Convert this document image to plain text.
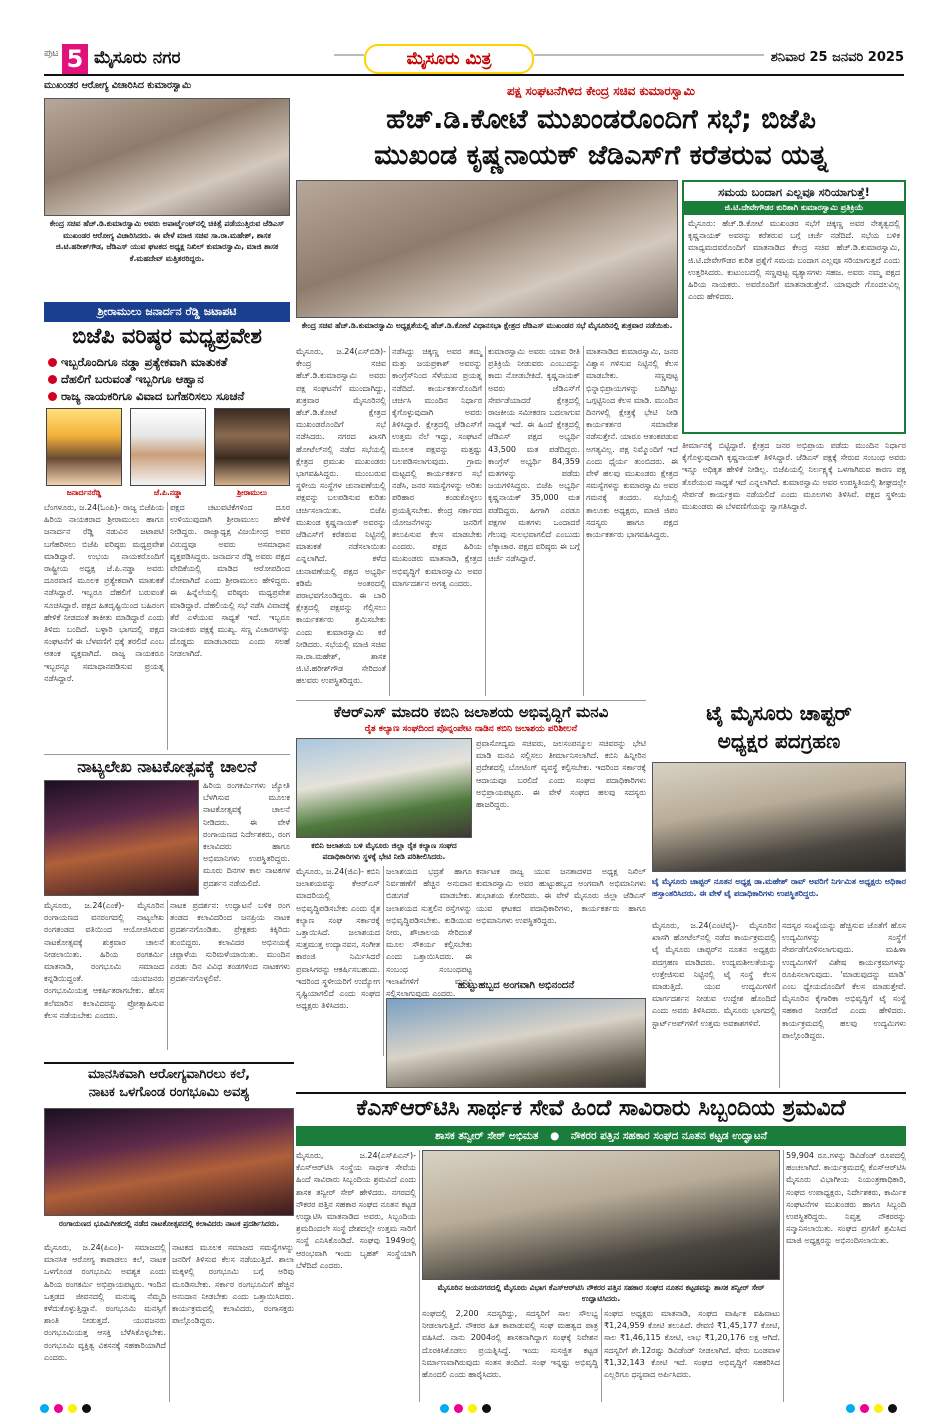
ಪುಟ 5 ಮೈಸೂರು ನಗರ	ಮೈಸೂರು ಮಿತ್ರ	ಶನಿವಾರ 25 ಜನವರಿ 2025
ಮುಖಂಡರ ಆರೋಗ್ಯ ವಿಚಾರಿಸಿದ ಕುಮಾರಸ್ವಾಮಿ
ಕೇಂದ್ರ ಸಚಿವ ಹೆಚ್.ಡಿ.ಕುಮಾರಸ್ವಾಮಿ ಅವರು ಅಪಾರ್ಟ್ಮೆಂಟ್‌ನಲ್ಲಿ ಚಿಕಿತ್ಸೆ ಪಡೆಯುತ್ತಿರುವ ಜೆಡಿಎಸ್ ಮುಖಂಡರ ಆರೋಗ್ಯ ವಿಚಾರಿಸಿದರು. ಈ ವೇಳೆ ಮಾಜಿ ಸಚಿವ ಸಾ.ರಾ.ಮಹೇಶ್, ಶಾಸಕ ಜಿ.ಟಿ.ಹರೀಶ್‌ಗೌಡ, ಜೆಡಿಎಸ್ ಯುವ ಘಟಕದ ಅಧ್ಯಕ್ಷ ನಿಖಿಲ್ ಕುಮಾರಸ್ವಾಮಿ, ಮಾಜಿ ಶಾಸಕ ಕೆ.ಮಹದೇವ್ ಮತ್ತಿತರರಿದ್ದರು.
ಪಕ್ಷ ಸಂಘಟನೆಗಿಳಿದ ಕೇಂದ್ರ ಸಚಿವ ಕುಮಾರಸ್ವಾಮಿ
ಹೆಚ್.ಡಿ.ಕೋಟೆ ಮುಖಂಡರೊಂದಿಗೆ ಸಭೆ; ಬಿಜೆಪಿ
ಮುಖಂಡ ಕೃಷ್ಣನಾಯಕ್ ಜೆಡಿಎಸ್‌ಗೆ ಕರೆತರುವ ಯತ್ನ
ಕೇಂದ್ರ ಸಚಿವ ಹೆಚ್.ಡಿ.ಕುಮಾರಸ್ವಾಮಿ ಅಧ್ಯಕ್ಷತೆಯಲ್ಲಿ ಹೆಚ್.ಡಿ.ಕೋಟೆ ವಿಧಾನಸಭಾ ಕ್ಷೇತ್ರದ ಜೆಡಿಎಸ್ ಮುಖಂಡರ ಸಭೆ ಮೈಸೂರಿನಲ್ಲಿ ಶುಕ್ರವಾರ ನಡೆಯಿತು.
ಸಮಯ ಬಂದಾಗ ಎಲ್ಲವೂ ಸರಿಯಾಗುತ್ತೆ!
ಜಿ.ಟಿ.ದೇವೇಗೌಡರ ಕುರಿತಾಗಿ ಕುಮಾರಸ್ವಾಮಿ ಪ್ರತಿಕ್ರಿಯೆ
ಮೈಸೂರು: ಹೆಚ್.ಡಿ.ಕೋಟೆ ಮುಖಂಡರ ಸಭೆಗೆ ಚಿಕ್ಕಣ್ಣ ಅವರ ನೇತೃತ್ವದಲ್ಲಿ ಕೃಷ್ಣನಾಯಕ್ ಅವರನ್ನು ಕರೆತರುವ ಬಗ್ಗೆ ಚರ್ಚೆ ನಡೆದಿದೆ. ಸಭೆಯ ಬಳಿಕ ಮಾಧ್ಯಮದವರೊಂದಿಗೆ ಮಾತನಾಡಿದ ಕೇಂದ್ರ ಸಚಿವ ಹೆಚ್.ಡಿ.ಕುಮಾರಸ್ವಾಮಿ, ಜಿ.ಟಿ.ದೇವೇಗೌಡರ ಕುರಿತ ಪ್ರಶ್ನೆಗೆ ಸಮಯ ಬಂದಾಗ ಎಲ್ಲವೂ ಸರಿಯಾಗುತ್ತದೆ ಎಂದು ಉತ್ತರಿಸಿದರು. ಕುಟುಂಬದಲ್ಲಿ ಸಣ್ಣಪುಟ್ಟ ವ್ಯತ್ಯಾಸಗಳು ಸಹಜ. ಅವರು ನಮ್ಮ ಪಕ್ಷದ ಹಿರಿಯ ನಾಯಕರು. ಅವರೊಂದಿಗೆ ಮಾತನಾಡುತ್ತೇನೆ. ಯಾವುದೇ ಗೊಂದಲವಿಲ್ಲ ಎಂದು ಹೇಳಿದರು.
ಮೈಸೂರು, ಜ.24(ಎಸ್‌ಬಿಡಿ)- ಕೇಂದ್ರ ಸಚಿವ ಹೆಚ್.ಡಿ.ಕುಮಾರಸ್ವಾಮಿ ಅವರು ಪಕ್ಷ ಸಂಘಟನೆಗೆ ಮುಂದಾಗಿದ್ದು, ಶುಕ್ರವಾರ ಮೈಸೂರಿನಲ್ಲಿ ಹೆಚ್.ಡಿ.ಕೋಟೆ ಕ್ಷೇತ್ರದ ಮುಖಂಡರೊಂದಿಗೆ ಸಭೆ ನಡೆಸಿದರು. ನಗರದ ಖಾಸಗಿ ಹೋಟೆಲ್‌ನಲ್ಲಿ ನಡೆದ ಸಭೆಯಲ್ಲಿ ಕ್ಷೇತ್ರದ ಪ್ರಮುಖ ಮುಖಂಡರು ಭಾಗವಹಿಸಿದ್ದರು. ಮುಂಬರುವ ಸ್ಥಳೀಯ ಸಂಸ್ಥೆಗಳ ಚುನಾವಣೆಯಲ್ಲಿ ಪಕ್ಷವನ್ನು ಬಲಪಡಿಸುವ ಕುರಿತು ಚರ್ಚಿಸಲಾಯಿತು. ಬಿಜೆಪಿ ಮುಖಂಡ ಕೃಷ್ಣನಾಯಕ್ ಅವರನ್ನು ಜೆಡಿಎಸ್‌ಗೆ ಕರೆತರುವ ನಿಟ್ಟಿನಲ್ಲಿ ಮಾತುಕತೆ ನಡೆಸಲಾಯಿತು ಎನ್ನಲಾಗಿದೆ. ಕಳೆದ ಚುನಾವಣೆಯಲ್ಲಿ ಪಕ್ಷದ ಅಭ್ಯರ್ಥಿ ಕಡಿಮೆ ಅಂತರದಲ್ಲಿ ಪರಾಭವಗೊಂಡಿದ್ದರು. ಈ ಬಾರಿ ಕ್ಷೇತ್ರದಲ್ಲಿ ಪಕ್ಷವನ್ನು ಗೆಲ್ಲಿಸಲು ಕಾರ್ಯಕರ್ತರು ಶ್ರಮಿಸಬೇಕು ಎಂದು ಕುಮಾರಸ್ವಾಮಿ ಕರೆ ನೀಡಿದರು. ಸಭೆಯಲ್ಲಿ ಮಾಜಿ ಸಚಿವ ಸಾ.ರಾ.ಮಹೇಶ್, ಶಾಸಕ ಜಿ.ಟಿ.ಹರೀಶ್‌ಗೌಡ ಸೇರಿದಂತೆ ಹಲವರು ಉಪಸ್ಥಿತರಿದ್ದರು.
ನಡೆಸಿದ್ದು ಚಿಕ್ಕಣ್ಣ ಅವರ ತಮ್ಮ ಮತ್ತು ಜಯಪ್ರಕಾಶ್ ಅವರನ್ನು ಕಾಂಗ್ರೆಸ್‌ನಿಂದ ಸೆಳೆಯುವ ಪ್ರಯತ್ನ ನಡೆದಿದೆ. ಕಾರ್ಯಕರ್ತರೊಂದಿಗೆ ಚರ್ಚಿಸಿ ಮುಂದಿನ ನಿರ್ಧಾರ ಕೈಗೊಳ್ಳುವುದಾಗಿ ಅವರು ತಿಳಿಸಿದ್ದಾರೆ. ಕ್ಷೇತ್ರದಲ್ಲಿ ಜೆಡಿಎಸ್‌ಗೆ ಉತ್ತಮ ನೆಲೆ ಇದ್ದು, ಸಂಘಟನೆ ಮೂಲಕ ಪಕ್ಷವನ್ನು ಮತ್ತಷ್ಟು ಬಲಪಡಿಸಲಾಗುವುದು. ಗ್ರಾಮ ಮಟ್ಟದಲ್ಲಿ ಕಾರ್ಯಕರ್ತರ ಸಭೆ ನಡೆಸಿ, ಜನರ ಸಮಸ್ಯೆಗಳನ್ನು ಅರಿತು ಪರಿಹಾರ ಕಂಡುಕೊಳ್ಳಲು ಪ್ರಯತ್ನಿಸಬೇಕು. ಕೇಂದ್ರ ಸರ್ಕಾರದ ಯೋಜನೆಗಳನ್ನು ಜನರಿಗೆ ತಲುಪಿಸುವ ಕೆಲಸ ಮಾಡಬೇಕು ಎಂದರು. ಪಕ್ಷದ ಹಿರಿಯ ಮುಖಂಡರು ಮಾತನಾಡಿ, ಕ್ಷೇತ್ರದ ಅಭಿವೃದ್ಧಿಗೆ ಕುಮಾರಸ್ವಾಮಿ ಅವರ ಮಾರ್ಗದರ್ಶನ ಅಗತ್ಯ ಎಂದರು.
ಕುಮಾರಸ್ವಾಮಿ ಅವರು ಯಾವ ರೀತಿ ಪ್ರತಿಕ್ರಿಯೆ ನೀಡುವರು ಎಂಬುದನ್ನು ಕಾದು ನೋಡಬೇಕಿದೆ. ಕೃಷ್ಣನಾಯಕ್ ಅವರು ಜೆಡಿಎಸ್‌ಗೆ ಸೇರ್ಪಡೆಯಾದರೆ ಕ್ಷೇತ್ರದಲ್ಲಿ ರಾಜಕೀಯ ಸಮೀಕರಣ ಬದಲಾಗುವ ಸಾಧ್ಯತೆ ಇದೆ. ಈ ಹಿಂದೆ ಕ್ಷೇತ್ರದಲ್ಲಿ ಜೆಡಿಎಸ್ ಪಕ್ಷದ ಅಭ್ಯರ್ಥಿ 43,500 ಮತ ಪಡೆದಿದ್ದರು. ಕಾಂಗ್ರೆಸ್ ಅಭ್ಯರ್ಥಿ 84,359 ಮತಗಳನ್ನು ಪಡೆದು ಜಯಗಳಿಸಿದ್ದರು. ಬಿಜೆಪಿ ಅಭ್ಯರ್ಥಿ ಕೃಷ್ಣನಾಯಕ್ 35,000 ಮತ ಪಡೆದಿದ್ದರು. ಹೀಗಾಗಿ ಎರಡೂ ಪಕ್ಷಗಳ ಮತಗಳು ಒಂದಾದರೆ ಗೆಲುವು ಸುಲಭವಾಗಲಿದೆ ಎಂಬುದು ಲೆಕ್ಕಾಚಾರ. ಪಕ್ಷದ ವರಿಷ್ಠರು ಈ ಬಗ್ಗೆ ಚರ್ಚೆ ನಡೆಸಿದ್ದಾರೆ.
ಮಾತನಾಡಿದ ಕುಮಾರಸ್ವಾಮಿ, ಜನರ ವಿಶ್ವಾಸ ಗಳಿಸುವ ನಿಟ್ಟಿನಲ್ಲಿ ಕೆಲಸ ಮಾಡಬೇಕು. ಸಣ್ಣಪುಟ್ಟ ಭಿನ್ನಾಭಿಪ್ರಾಯಗಳನ್ನು ಬದಿಗಿಟ್ಟು ಒಗ್ಗಟ್ಟಿನಿಂದ ಕೆಲಸ ಮಾಡಿ. ಮುಂದಿನ ದಿನಗಳಲ್ಲಿ ಕ್ಷೇತ್ರಕ್ಕೆ ಭೇಟಿ ನೀಡಿ ಕಾರ್ಯಕರ್ತರ ಸಮಾವೇಶ ನಡೆಸುತ್ತೇನೆ. ಯಾರೂ ಆತಂಕಪಡುವ ಅಗತ್ಯವಿಲ್ಲ. ಪಕ್ಷ ನಿಮ್ಮೊಂದಿಗೆ ಇದೆ ಎಂದು ಧೈರ್ಯ ತುಂಬಿದರು. ಈ ವೇಳೆ ಹಲವು ಮುಖಂಡರು ಕ್ಷೇತ್ರದ ಸಮಸ್ಯೆಗಳನ್ನು ಕುಮಾರಸ್ವಾಮಿ ಅವರ ಗಮನಕ್ಕೆ ತಂದರು. ಸಭೆಯಲ್ಲಿ ತಾಲೂಕು ಅಧ್ಯಕ್ಷರು, ಮಾಜಿ ಜಿಪಂ ಸದಸ್ಯರು ಹಾಗೂ ಪಕ್ಷದ ಕಾರ್ಯಕರ್ತರು ಭಾಗವಹಿಸಿದ್ದರು.
ತೀರ್ಮಾನಕ್ಕೆ ಬಿಟ್ಟಿದ್ದಾರೆ. ಕ್ಷೇತ್ರದ ಜನರ ಅಭಿಪ್ರಾಯ ಪಡೆದು ಮುಂದಿನ ನಿರ್ಧಾರ ಕೈಗೊಳ್ಳುವುದಾಗಿ ಕೃಷ್ಣನಾಯಕ್ ತಿಳಿಸಿದ್ದಾರೆ. ಜೆಡಿಎಸ್ ಪಕ್ಷಕ್ಕೆ ಸೇರುವ ಸಂಬಂಧ ಅವರು ಇನ್ನೂ ಅಧಿಕೃತ ಹೇಳಿಕೆ ನೀಡಿಲ್ಲ. ಬಿಜೆಪಿಯಲ್ಲಿ ನಿರ್ಲಕ್ಷ್ಯಕ್ಕೆ ಒಳಗಾಗಿರುವ ಕಾರಣ ಪಕ್ಷ ತೊರೆಯುವ ಸಾಧ್ಯತೆ ಇದೆ ಎನ್ನಲಾಗಿದೆ. ಕುಮಾರಸ್ವಾಮಿ ಅವರ ಉಪಸ್ಥಿತಿಯಲ್ಲಿ ಶೀಘ್ರದಲ್ಲೇ ಸೇರ್ಪಡೆ ಕಾರ್ಯಕ್ರಮ ನಡೆಯಲಿದೆ ಎಂದು ಮೂಲಗಳು ತಿಳಿಸಿವೆ. ಪಕ್ಷದ ಸ್ಥಳೀಯ ಮುಖಂಡರು ಈ ಬೆಳವಣಿಗೆಯನ್ನು ಸ್ವಾಗತಿಸಿದ್ದಾರೆ.
ಶ್ರೀರಾಮುಲು ಜನಾರ್ದನ ರೆಡ್ಡಿ ಜಟಾಪಟಿ
ಬಿಜೆಪಿ ವರಿಷ್ಠರ ಮಧ್ಯಪ್ರವೇಶ
ಇಬ್ಬರೊಂದಿಗೂ ನಡ್ಡಾ ಪ್ರತ್ಯೇಕವಾಗಿ ಮಾತುಕತೆ
ದೆಹಲಿಗೆ ಬರುವಂತೆ ಇಬ್ಬರಿಗೂ ಆಹ್ವಾನ
ರಾಜ್ಯ ನಾಯಕರಿಗೂ ವಿವಾದ ಬಗೆಹರಿಸಲು ಸೂಚನೆ
ಜನಾರ್ದನರೆಡ್ಡಿ	ಜೆ.ಪಿ.ನಡ್ಡಾ	ಶ್ರೀರಾಮುಲು
ಬೆಂಗಳೂರು, ಜ.24(ಓಂಪಿ)- ರಾಜ್ಯ ಬಿಜೆಪಿಯ ಹಿರಿಯ ನಾಯಕರಾದ ಶ್ರೀರಾಮುಲು ಹಾಗೂ ಜನಾರ್ದನ ರೆಡ್ಡಿ ನಡುವಿನ ಜಟಾಪಟಿ ಬಗೆಹರಿಸಲು ಬಿಜೆಪಿ ವರಿಷ್ಠರು ಮಧ್ಯಪ್ರವೇಶ ಮಾಡಿದ್ದಾರೆ. ಉಭಯ ನಾಯಕರೊಂದಿಗೆ ರಾಷ್ಟ್ರೀಯ ಅಧ್ಯಕ್ಷ ಜೆ.ಪಿ.ನಡ್ಡಾ ಅವರು ದೂರವಾಣಿ ಮೂಲಕ ಪ್ರತ್ಯೇಕವಾಗಿ ಮಾತುಕತೆ ನಡೆಸಿದ್ದಾರೆ. ಇಬ್ಬರೂ ದೆಹಲಿಗೆ ಬರುವಂತೆ ಸೂಚಿಸಿದ್ದಾರೆ. ಪಕ್ಷದ ಹಿತದೃಷ್ಟಿಯಿಂದ ಬಹಿರಂಗ ಹೇಳಿಕೆ ನೀಡದಂತೆ ತಾಕೀತು ಮಾಡಿದ್ದಾರೆ ಎಂದು ತಿಳಿದು ಬಂದಿದೆ. ಬಳ್ಳಾರಿ ಭಾಗದಲ್ಲಿ ಪಕ್ಷದ ಸಂಘಟನೆಗೆ ಈ ಬೆಳವಣಿಗೆ ಧಕ್ಕೆ ತರಲಿದೆ ಎಂಬ ಆತಂಕ ವ್ಯಕ್ತವಾಗಿದೆ. ರಾಜ್ಯ ನಾಯಕರೂ ಇಬ್ಬರನ್ನೂ ಸಮಾಧಾನಪಡಿಸುವ ಪ್ರಯತ್ನ ನಡೆಸಿದ್ದಾರೆ.
ಪಕ್ಷದ ಚಟುವಟಿಕೆಗಳಿಂದ ದೂರ ಉಳಿಯುವುದಾಗಿ ಶ್ರೀರಾಮುಲು ಹೇಳಿಕೆ ನೀಡಿದ್ದರು. ರಾಜ್ಯಾಧ್ಯಕ್ಷ ವಿಜಯೇಂದ್ರ ಅವರ ವಿರುದ್ಧವೂ ಅವರು ಅಸಮಾಧಾನ ವ್ಯಕ್ತಪಡಿಸಿದ್ದರು. ಜನಾರ್ದನ ರೆಡ್ಡಿ ಅವರು ಪಕ್ಷದ ವೇದಿಕೆಯಲ್ಲಿ ಮಾಡಿದ ಆರೋಪದಿಂದ ನೋವಾಗಿದೆ ಎಂದು ಶ್ರೀರಾಮುಲು ಹೇಳಿದ್ದರು. ಈ ಹಿನ್ನೆಲೆಯಲ್ಲಿ ವರಿಷ್ಠರು ಮಧ್ಯಪ್ರವೇಶ ಮಾಡಿದ್ದಾರೆ. ದೆಹಲಿಯಲ್ಲಿ ಸಭೆ ನಡೆಸಿ ವಿವಾದಕ್ಕೆ ತೆರೆ ಎಳೆಯುವ ಸಾಧ್ಯತೆ ಇದೆ. ಇಬ್ಬರೂ ನಾಯಕರು ಪಕ್ಷಕ್ಕೆ ಮುಖ್ಯ. ಸಣ್ಣ ವಿಚಾರಗಳನ್ನು ದೊಡ್ಡದು ಮಾಡಬಾರದು ಎಂದು ಸಲಹೆ ನೀಡಲಾಗಿದೆ.
ನಾಟ್ಯಲೇಖ ನಾಟಕೋತ್ಸವಕ್ಕೆ ಚಾಲನೆ
ಹಿರಿಯ ರಂಗಕರ್ಮಿಗಳು ಜ್ಯೋತಿ ಬೆಳಗಿಸುವ ಮೂಲಕ ನಾಟಕೋತ್ಸವಕ್ಕೆ ಚಾಲನೆ ನೀಡಿದರು. ಈ ವೇಳೆ ರಂಗಾಯಣದ ನಿರ್ದೇಶಕರು, ರಂಗ ಕಲಾವಿದರು ಹಾಗೂ ಅಭಿಮಾನಿಗಳು ಉಪಸ್ಥಿತರಿದ್ದರು. ಮೂರು ದಿನಗಳ ಕಾಲ ನಾಟಕಗಳ ಪ್ರದರ್ಶನ ನಡೆಯಲಿದೆ.
ಮೈಸೂರು, ಜ.24(ಎಂಕೆ)- ಮೈಸೂರಿನ ರಂಗಾಯಣದ ವನರಂಗದಲ್ಲಿ ನಾಟ್ಯಲೇಖ ರಂಗತಂಡದ ವತಿಯಿಂದ ಆಯೋಜಿಸಿರುವ ನಾಟಕೋತ್ಸವಕ್ಕೆ ಶುಕ್ರವಾರ ಚಾಲನೆ ನೀಡಲಾಯಿತು. ಹಿರಿಯ ರಂಗಕರ್ಮಿ ಮಾತನಾಡಿ, ರಂಗಭೂಮಿ ಸಮಾಜದ ಕನ್ನಡಿಯಿದ್ದಂತೆ. ಯುವಜನರು ರಂಗಭೂಮಿಯತ್ತ ಆಕರ್ಷಿತರಾಗಬೇಕು. ಹೊಸ ತಲೆಮಾರಿನ ಕಲಾವಿದರನ್ನು ಪ್ರೋತ್ಸಾಹಿಸುವ ಕೆಲಸ ನಡೆಯಬೇಕು ಎಂದರು.
ನಾಟಕ ಪ್ರದರ್ಶನ: ಉದ್ಘಾಟನೆ ಬಳಿಕ ರಂಗ ತಂಡದ ಕಲಾವಿದರಿಂದ ಜನಪ್ರಿಯ ನಾಟಕ ಪ್ರದರ್ಶನಗೊಂಡಿತು. ಪ್ರೇಕ್ಷಕರು ಕಿಕ್ಕಿರಿದು ತುಂಬಿದ್ದರು. ಕಲಾವಿದರ ಅಭಿನಯಕ್ಕೆ ಚಪ್ಪಾಳೆಯ ಸುರಿಮಳೆಯಾಯಿತು. ಮುಂದಿನ ಎರಡು ದಿನ ವಿವಿಧ ತಂಡಗಳಿಂದ ನಾಟಕಗಳು ಪ್ರದರ್ಶನಗೊಳ್ಳಲಿವೆ.
ಕೆಆರ್‌ಎಸ್ ಮಾದರಿ ಕಬಿನಿ ಜಲಾಶಯ ಅಭಿವೃದ್ಧಿಗೆ ಮನವಿ
ರೈತ ಕಲ್ಯಾಣ ಸಂಘದಿಂದ ಪೊನ್ನಂಪೇಟ ನಾಡಿನ ಕಬಿನಿ ಜಲಾಶಯ ಪರಿಶೀಲನೆ
ಕಬಿನಿ ಜಲಾಶಯ ಬಳಿ ಮೈಸೂರು ಜಿಲ್ಲಾ ರೈತ ಕಲ್ಯಾಣ ಸಂಘದ ಪದಾಧಿಕಾರಿಗಳು ಸ್ಥಳಕ್ಕೆ ಭೇಟಿ ನೀಡಿ ಪರಿಶೀಲಿಸಿದರು.
ಪ್ರವಾಸೋದ್ಯಮ ಸಚಿವರು, ಜಲಸಂಪನ್ಮೂಲ ಸಚಿವರನ್ನು ಭೇಟಿ ಮಾಡಿ ಮನವಿ ಸಲ್ಲಿಸಲು ತೀರ್ಮಾನಿಸಲಾಗಿದೆ. ಕಬಿನಿ ಹಿನ್ನೀರಿನ ಪ್ರದೇಶದಲ್ಲಿ ಬೋಟಿಂಗ್ ವ್ಯವಸ್ಥೆ ಕಲ್ಪಿಸಬೇಕು. ಇದರಿಂದ ಸರ್ಕಾರಕ್ಕೆ ಆದಾಯವೂ ಬರಲಿದೆ ಎಂದು ಸಂಘದ ಪದಾಧಿಕಾರಿಗಳು ಅಭಿಪ್ರಾಯಪಟ್ಟರು. ಈ ವೇಳೆ ಸಂಘದ ಹಲವು ಸದಸ್ಯರು ಹಾಜರಿದ್ದರು.
ಮೈಸೂರು, ಜ.24(ಜಿಎ)- ಕಬಿನಿ ಜಲಾಶಯವನ್ನು ಕೆಆರ್‌ಎಸ್ ಮಾದರಿಯಲ್ಲಿ ಅಭಿವೃದ್ಧಿಪಡಿಸಬೇಕು ಎಂದು ರೈತ ಕಲ್ಯಾಣ ಸಂಘ ಸರ್ಕಾರಕ್ಕೆ ಒತ್ತಾಯಿಸಿದೆ. ಜಲಾಶಯದ ಸುತ್ತಮುತ್ತ ಉದ್ಯಾನವನ, ಸಂಗೀತ ಕಾರಂಜಿ ನಿರ್ಮಿಸಿದರೆ ಪ್ರವಾಸಿಗರನ್ನು ಆಕರ್ಷಿಸಬಹುದು. ಇದರಿಂದ ಸ್ಥಳೀಯರಿಗೆ ಉದ್ಯೋಗ ಸೃಷ್ಟಿಯಾಗಲಿದೆ ಎಂದು ಸಂಘದ ಅಧ್ಯಕ್ಷರು ತಿಳಿಸಿದರು.
ಜಲಾಶಯದ ಭದ್ರತೆ ಹಾಗೂ ನಿರ್ವಹಣೆಗೆ ಹೆಚ್ಚಿನ ಅನುದಾನ ಬಿಡುಗಡೆ ಮಾಡಬೇಕು. ಜಲಾಶಯದ ಸುತ್ತಲಿನ ರಸ್ತೆಗಳನ್ನು ಅಭಿವೃದ್ಧಿಪಡಿಸಬೇಕು. ಕುಡಿಯುವ ನೀರು, ಶೌಚಾಲಯ ಸೇರಿದಂತೆ ಮೂಲ ಸೌಕರ್ಯ ಕಲ್ಪಿಸಬೇಕು ಎಂದು ಒತ್ತಾಯಿಸಿದರು. ಈ ಸಂಬಂಧ ಸಂಬಂಧಪಟ್ಟ ಇಲಾಖೆಗಳಿಗೆ ಮನವಿ ಸಲ್ಲಿಸಲಾಗುವುದು ಎಂದರು.
ಹುಟ್ಟುಹಬ್ಬದ ಅಂಗವಾಗಿ ಅಭಿನಂದನೆ
ಕರ್ನಾಟಕ ರಾಜ್ಯ ಯುವ ಜನತಾದಳದ ಅಧ್ಯಕ್ಷ ನಿಖಿಲ್ ಕುಮಾರಸ್ವಾಮಿ ಅವರ ಹುಟ್ಟುಹಬ್ಬದ ಅಂಗವಾಗಿ ಅಭಿಮಾನಿಗಳು ಶುಭಾಶಯ ಕೋರಿದರು. ಈ ವೇಳೆ ಮೈಸೂರು ಜಿಲ್ಲಾ ಜೆಡಿಎಸ್ ಯುವ ಘಟಕದ ಪದಾಧಿಕಾರಿಗಳು, ಕಾರ್ಯಕರ್ತರು ಹಾಗೂ ಅಭಿಮಾನಿಗಳು ಉಪಸ್ಥಿತರಿದ್ದರು.
ಟೈ ಮೈಸೂರು ಚಾಪ್ಟರ್
ಅಧ್ಯಕ್ಷರ ಪದಗ್ರಹಣ
ಟೈ ಮೈಸೂರು ಚಾಪ್ಟರ್ ನೂತನ ಅಧ್ಯಕ್ಷ ಡಾ.ಮಹೇಶ್ ರಾವ್ ಅವರಿಗೆ ನಿರ್ಗಮಿತ ಅಧ್ಯಕ್ಷರು ಅಧಿಕಾರ ಹಸ್ತಾಂತರಿಸಿದರು. ಈ ವೇಳೆ ಟೈ ಪದಾಧಿಕಾರಿಗಳು ಉಪಸ್ಥಿತರಿದ್ದರು.
ಮೈಸೂರು, ಜ.24(ಎಂಟಿವೈ)- ಮೈಸೂರಿನ ಖಾಸಗಿ ಹೋಟೆಲ್‌ನಲ್ಲಿ ನಡೆದ ಕಾರ್ಯಕ್ರಮದಲ್ಲಿ ಟೈ ಮೈಸೂರು ಚಾಪ್ಟರ್‌ನ ನೂತನ ಅಧ್ಯಕ್ಷರು ಪದಗ್ರಹಣ ಮಾಡಿದರು. ಉದ್ಯಮಶೀಲತೆಯನ್ನು ಉತ್ತೇಜಿಸುವ ನಿಟ್ಟಿನಲ್ಲಿ ಟೈ ಸಂಸ್ಥೆ ಕೆಲಸ ಮಾಡುತ್ತಿದೆ. ಯುವ ಉದ್ಯಮಿಗಳಿಗೆ ಮಾರ್ಗದರ್ಶನ ನೀಡುವ ಉದ್ದೇಶ ಹೊಂದಿದೆ ಎಂದು ಅವರು ತಿಳಿಸಿದರು. ಮೈಸೂರು ಭಾಗದಲ್ಲಿ ಸ್ಟಾರ್ಟ್‌ಅಪ್‌ಗಳಿಗೆ ಉತ್ತಮ ಅವಕಾಶಗಳಿವೆ.
ಸದಸ್ಯರ ಸಂಖ್ಯೆಯನ್ನು ಹೆಚ್ಚಿಸುವ ಜೊತೆಗೆ ಹೊಸ ಉದ್ಯಮಿಗಳನ್ನು ಸಂಸ್ಥೆಗೆ ಸೇರ್ಪಡೆಗೊಳಿಸಲಾಗುವುದು. ಮಹಿಳಾ ಉದ್ಯಮಿಗಳಿಗೆ ವಿಶೇಷ ಕಾರ್ಯಕ್ರಮಗಳನ್ನು ರೂಪಿಸಲಾಗುವುದು. 'ಮಾಡುವುದನ್ನು ಮಾಡಿ' ಎಂಬ ಧ್ಯೇಯದೊಂದಿಗೆ ಕೆಲಸ ಮಾಡುತ್ತೇವೆ. ಮೈಸೂರಿನ ಕೈಗಾರಿಕಾ ಅಭಿವೃದ್ಧಿಗೆ ಟೈ ಸಂಸ್ಥೆ ಸಹಕಾರ ನೀಡಲಿದೆ ಎಂದು ಹೇಳಿದರು. ಕಾರ್ಯಕ್ರಮದಲ್ಲಿ ಹಲವು ಉದ್ಯಮಿಗಳು ಪಾಲ್ಗೊಂಡಿದ್ದರು.
ಮಾನಸಿಕವಾಗಿ ಆರೋಗ್ಯವಾಗಿರಲು ಕಲೆ,
ನಾಟಕ ಒಳಗೊಂಡ ರಂಗಭೂಮಿ ಅವಶ್ಯ
ಕೆಎಸ್‌ಆರ್‌ಟಿಸಿ ಸಾರ್ಥಕ ಸೇವೆ ಹಿಂದೆ ಸಾವಿರಾರು ಸಿಬ್ಬಂದಿಯ ಶ್ರಮವಿದೆ
ರಂಗಾಯಣದ ಭೂಮಿಗೀತದಲ್ಲಿ ನಡೆದ ನಾಟಕೋತ್ಸವದಲ್ಲಿ ಕಲಾವಿದರು ನಾಟಕ ಪ್ರದರ್ಶಿಸಿದರು.
ಮೈಸೂರು, ಜ.24(ಪಿಎಂ)- ಸಮಾಜದಲ್ಲಿ ಮಾನಸಿಕ ಆರೋಗ್ಯ ಕಾಪಾಡಲು ಕಲೆ, ನಾಟಕ ಒಳಗೊಂಡ ರಂಗಭೂಮಿ ಅವಶ್ಯಕ ಎಂದು ಹಿರಿಯ ರಂಗಕರ್ಮಿ ಅಭಿಪ್ರಾಯಪಟ್ಟರು. ಇಂದಿನ ಒತ್ತಡದ ಜೀವನದಲ್ಲಿ ಮನುಷ್ಯ ನೆಮ್ಮದಿ ಕಳೆದುಕೊಳ್ಳುತ್ತಿದ್ದಾನೆ. ರಂಗಭೂಮಿ ಮನಸ್ಸಿಗೆ ಶಾಂತಿ ನೀಡುತ್ತದೆ. ಯುವಜನರು ರಂಗಭೂಮಿಯತ್ತ ಆಸಕ್ತಿ ಬೆಳೆಸಿಕೊಳ್ಳಬೇಕು. ರಂಗಭೂಮಿ ವ್ಯಕ್ತಿತ್ವ ವಿಕಸನಕ್ಕೆ ಸಹಕಾರಿಯಾಗಿದೆ ಎಂದರು.
ನಾಟಕದ ಮೂಲಕ ಸಮಾಜದ ಸಮಸ್ಯೆಗಳನ್ನು ಜನರಿಗೆ ತಿಳಿಸುವ ಕೆಲಸ ನಡೆಯುತ್ತಿದೆ. ಶಾಲಾ ಮಕ್ಕಳಲ್ಲಿ ರಂಗಭೂಮಿ ಬಗ್ಗೆ ಅರಿವು ಮೂಡಿಸಬೇಕು. ಸರ್ಕಾರ ರಂಗಭೂಮಿಗೆ ಹೆಚ್ಚಿನ ಅನುದಾನ ನೀಡಬೇಕು ಎಂದು ಒತ್ತಾಯಿಸಿದರು. ಕಾರ್ಯಕ್ರಮದಲ್ಲಿ ಕಲಾವಿದರು, ರಂಗಾಸಕ್ತರು ಪಾಲ್ಗೊಂಡಿದ್ದರು.
ಶಾಸಕ ತನ್ವೀರ್ ಸೇಠ್ ಅಭಿಮತ ● ನೌಕರರ ಪತ್ತಿನ ಸಹಕಾರ ಸಂಘದ ನೂತನ ಕಟ್ಟಡ ಉದ್ಘಾಟನೆ
ಮೈಸೂರು, ಜ.24(ಎಸ್‌ಪಿಎನ್)- ಕೆಎಸ್‌ಆರ್‌ಟಿಸಿ ಸಂಸ್ಥೆಯ ಸಾರ್ಥಕ ಸೇವೆಯ ಹಿಂದೆ ಸಾವಿರಾರು ಸಿಬ್ಬಂದಿಯ ಶ್ರಮವಿದೆ ಎಂದು ಶಾಸಕ ತನ್ವೀರ್ ಸೇಠ್ ಹೇಳಿದರು. ನಗರದಲ್ಲಿ ನೌಕರರ ಪತ್ತಿನ ಸಹಕಾರ ಸಂಘದ ನೂತನ ಕಟ್ಟಡ ಉದ್ಘಾಟಿಸಿ ಮಾತನಾಡಿದ ಅವರು, ಸಿಬ್ಬಂದಿಯ ಶ್ರಮದಿಂದಲೇ ಸಂಸ್ಥೆ ದೇಶದಲ್ಲೇ ಉತ್ತಮ ಸಾರಿಗೆ ಸಂಸ್ಥೆ ಎನಿಸಿಕೊಂಡಿದೆ. ಸಂಘವು 1949ರಲ್ಲಿ ಆರಂಭವಾಗಿ ಇಂದು ಬೃಹತ್ ಸಂಸ್ಥೆಯಾಗಿ ಬೆಳೆದಿದೆ ಎಂದರು.
ಮೈಸೂರಿನ ಜಯನಗರದಲ್ಲಿ ಮೈಸೂರು ವಿಭಾಗ ಕೆಎಸ್‌ಆರ್‌ಟಿಸಿ ನೌಕರರ ಪತ್ತಿನ ಸಹಕಾರ ಸಂಘದ ನೂತನ ಕಟ್ಟಡವನ್ನು ಶಾಸಕ ತನ್ವೀರ್ ಸೇಠ್ ಉದ್ಘಾಟಿಸಿದರು.
ಸಂಘದಲ್ಲಿ 2,200 ಸದಸ್ಯರಿದ್ದು, ಸದಸ್ಯರಿಗೆ ಸಾಲ ಸೌಲಭ್ಯ ನೀಡಲಾಗುತ್ತಿದೆ. ನೌಕರರ ಹಿತ ಕಾಪಾಡುವಲ್ಲಿ ಸಂಘ ಮಹತ್ವದ ಪಾತ್ರ ವಹಿಸಿದೆ. ನಾನು 2004ರಲ್ಲಿ ಶಾಸಕನಾಗಿದ್ದಾಗ ಸಂಘಕ್ಕೆ ನಿವೇಶನ ದೊರಕಿಸಿಕೊಡಲು ಪ್ರಯತ್ನಿಸಿದ್ದೆ. ಇಂದು ಸುಸಜ್ಜಿತ ಕಟ್ಟಡ ನಿರ್ಮಾಣವಾಗಿರುವುದು ಸಂತಸ ತಂದಿದೆ. ಸಂಘ ಇನ್ನಷ್ಟು ಅಭಿವೃದ್ಧಿ ಹೊಂದಲಿ ಎಂದು ಹಾರೈಸಿದರು.
ಸಂಘದ ಅಧ್ಯಕ್ಷರು ಮಾತನಾಡಿ, ಸಂಘದ ವಾರ್ಷಿಕ ವಹಿವಾಟು ₹1,24,959 ಕೋಟಿ ತಲುಪಿದೆ. ಠೇವಣಿ ₹1,45,177 ಕೋಟಿ, ಸಾಲ ₹1,46,115 ಕೋಟಿ, ಲಾಭ ₹1,20,176 ಲಕ್ಷ ಆಗಿದೆ. ಸದಸ್ಯರಿಗೆ ಶೇ.12ರಷ್ಟು ಡಿವಿಡೆಂಡ್ ನೀಡಲಾಗಿದೆ. ಷೇರು ಬಂಡವಾಳ ₹1,32,143 ಕೋಟಿ ಇದೆ. ಸಂಘದ ಅಭಿವೃದ್ಧಿಗೆ ಸಹಕರಿಸಿದ ಎಲ್ಲರಿಗೂ ಧನ್ಯವಾದ ಅರ್ಪಿಸಿದರು.
59,904 ರೂ.ಗಳನ್ನು ಡಿವಿಡೆಂಡ್ ರೂಪದಲ್ಲಿ ಹಂಚಲಾಗಿದೆ. ಕಾರ್ಯಕ್ರಮದಲ್ಲಿ ಕೆಎಸ್‌ಆರ್‌ಟಿಸಿ ಮೈಸೂರು ವಿಭಾಗೀಯ ನಿಯಂತ್ರಣಾಧಿಕಾರಿ, ಸಂಘದ ಉಪಾಧ್ಯಕ್ಷರು, ನಿರ್ದೇಶಕರು, ಕಾರ್ಮಿಕ ಸಂಘಟನೆಗಳ ಮುಖಂಡರು ಹಾಗೂ ಸಿಬ್ಬಂದಿ ಉಪಸ್ಥಿತರಿದ್ದರು. ನಿವೃತ್ತ ನೌಕರರನ್ನು ಸನ್ಮಾನಿಸಲಾಯಿತು. ಸಂಘದ ಪ್ರಗತಿಗೆ ಶ್ರಮಿಸಿದ ಮಾಜಿ ಅಧ್ಯಕ್ಷರನ್ನು ಅಭಿನಂದಿಸಲಾಯಿತು.
